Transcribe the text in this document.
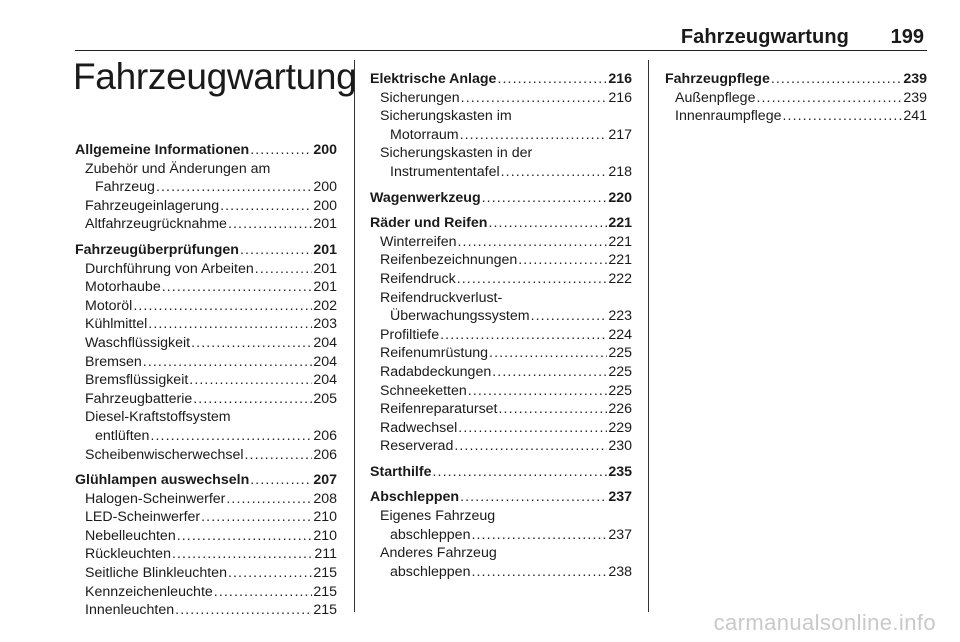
Fahrzeugwartung 199
Fahrzeugwartung
Allgemeine Informationen .....	200
Zubehör und Änderungen am
Fahrzeug .....	200
Fahrzeugeinlagerung .....	200
Altfahrzeugrücknahme .....	201
Fahrzeugüberprüfungen .....	201
Durchführung von Arbeiten .....	201
Motorhaube .....	201
Motoröl .....	202
Kühlmittel .....	203
Waschflüssigkeit .....	204
Bremsen .....	204
Bremsflüssigkeit .....	204
Fahrzeugbatterie .....	205
Diesel-Kraftstoffsystem
entlüften .....	206
Scheibenwischerwechsel .....	206
Glühlampen auswechseln .....	207
Halogen-Scheinwerfer .....	208
LED-Scheinwerfer .....	210
Nebelleuchten .....	210
Rückleuchten .....	211
Seitliche Blinkleuchten .....	215
Kennzeichenleuchte .....	215
Innenleuchten .....	215
Elektrische Anlage .....	216
Sicherungen .....	216
Sicherungskasten im
Motorraum .....	217
Sicherungskasten in der
Instrumententafel .....	218
Wagenwerkzeug .....	220
Räder und Reifen .....	221
Winterreifen .....	221
Reifenbezeichnungen .....	221
Reifendruck .....	222
Reifendruckverlust-
Überwachungssystem .....	223
Profiltiefe .....	224
Reifenumrüstung .....	225
Radabdeckungen .....	225
Schneeketten .....	225
Reifenreparaturset .....	226
Radwechsel .....	229
Reserverad .....	230
Starthilfe .....	235
Abschleppen .....	237
Eigenes Fahrzeug
abschleppen .....	237
Anderes Fahrzeug
abschleppen .....	238
Fahrzeugpflege .....	239
Außenpflege .....	239
Innenraumpflege .....	241
carmanualsonline.info
